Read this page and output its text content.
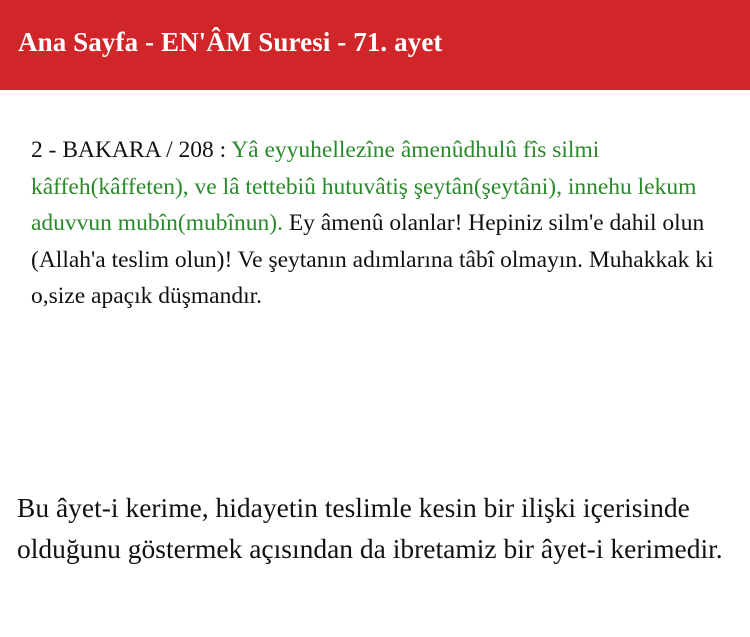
Ana Sayfa - EN'ÂM Suresi - 71. ayet
2 - BAKARA / 208 : Yâ eyyuhellezîne âmenûdhulû fîs silmi kâffeh(kâffeten), ve lâ tettebiû hutuvâtiş şeytân(şeytâni), innehu lekum aduvvun mubîn(mubînun). Ey âmenû olanlar! Hepiniz silm'e dahil olun (Allah'a teslim olun)! Ve şeytanın adımlarına tâbî olmayın. Muhakkak ki o,size apaçık düşmandır.
Bu âyet-i kerime, hidayetin teslimle kesin bir ilişki içerisinde olduğunu göstermek açısından da ibretamiz bir âyet-i kerimedir.
